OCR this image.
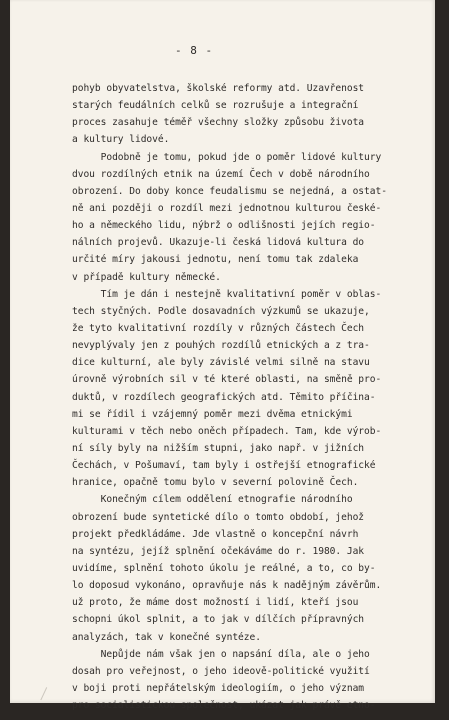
- 8 -
pohyb obyvatelstva, školské reformy atd. Uzavřenost
starých feudálních celků se rozrušuje a integrační
proces zasahuje téměř všechny složky způsobu života
a kultury lidové.
Podobně je tomu, pokud jde o poměr lidové kultury
dvou rozdílných etnik na území Čech v době národního
obrození. Do doby konce feudalismu se nejedná, a ostat-
ně ani později o rozdíl mezi jednotnou kulturou české-
ho a německého lidu, nýbrž o odlišnosti jejích regio-
nálních projevů. Ukazuje-li česká lidová kultura do
určité míry jakousi jednotu, není tomu tak zdaleka
v případě kultury německé.
Tím je dán i nestejně kvalitativní poměr v oblas-
tech styčných. Podle dosavadních výzkumů se ukazuje,
že tyto kvalitativní rozdíly v různých částech Čech
nevyplývaly jen z pouhých rozdílů etnických a z tra-
dice kulturní, ale byly závislé velmi silně na stavu
úrovně výrobních sil v té které oblasti, na směně pro-
duktů, v rozdílech geografických atd. Těmito příčina-
mi se řídil i vzájemný poměr mezi dvěma etnickými
kulturami v těch nebo oněch případech. Tam, kde výrob-
ní síly byly na nižším stupni, jako např. v jižních
Čechách, v Pošumaví, tam byly i ostřejší etnografické
hranice, opačně tomu bylo v severní polovině Čech.
Konečným cílem oddělení etnografie národního
obrození bude syntetické dílo o tomto období, jehož
projekt předkládáme. Jde vlastně o koncepční návrh
na syntézu, jejíž splnění očekáváme do r. 1980. Jak
uvidíme, splnění tohoto úkolu je reálné, a to, co by-
lo doposud vykonáno, opravňuje nás k nadějným závěrům.
už proto, že máme dost možností i lidí, kteří jsou
schopni úkol splnit, a to jak v dílčích přípravných
analyzách, tak v konečné syntéze.
Nepůjde nám však jen o napsání díla, ale o jeho
dosah pro veřejnost, o jeho ideově-politické využití
v boji proti nepřátelským ideologiím, o jeho význam
pro socialistickou společnost, ukázat jak právě etno-
